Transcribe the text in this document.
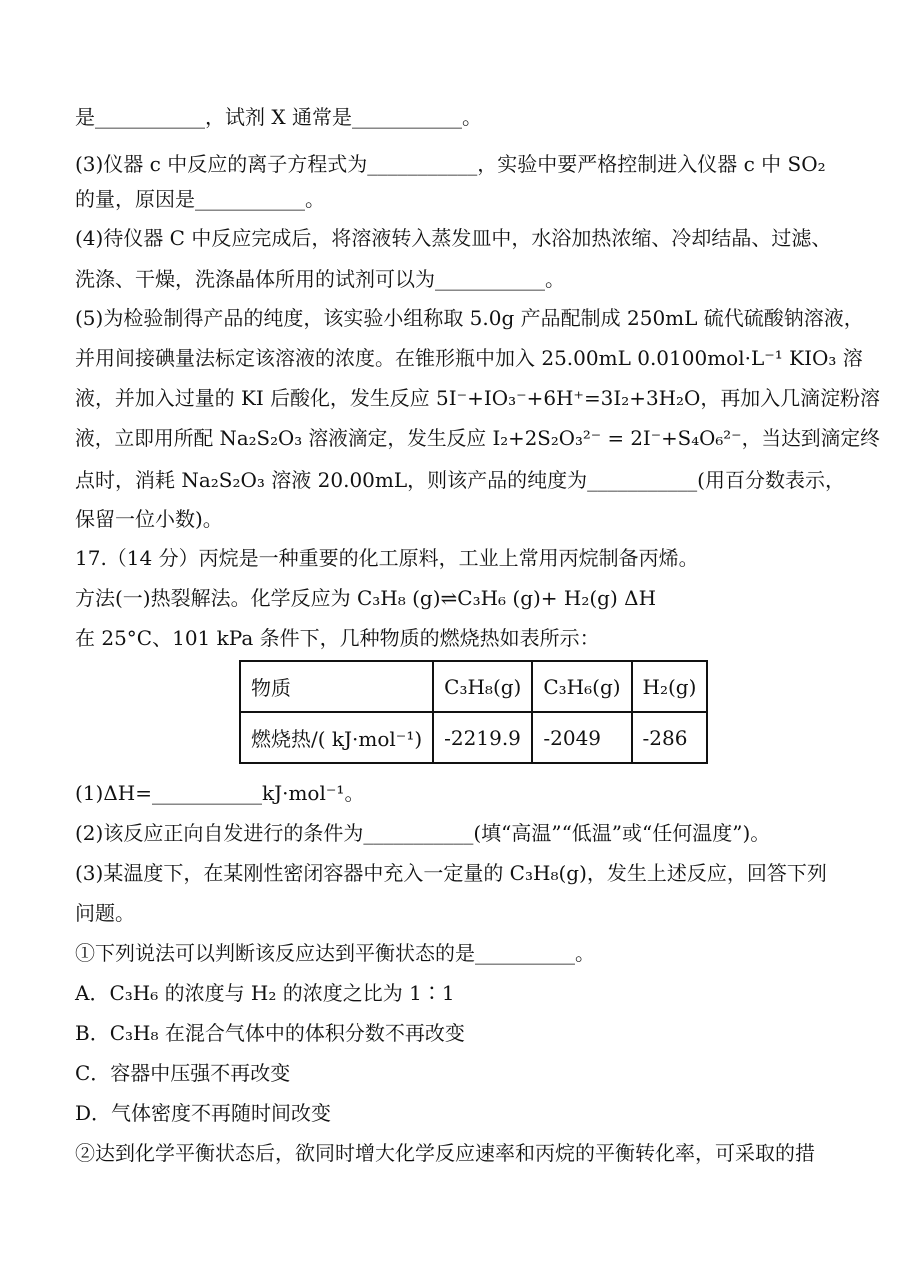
是___________，试剂 X 通常是___________。
(3)仪器 c 中反应的离子方程式为___________，实验中要严格控制进入仪器 c 中 SO₂
的量，原因是___________。
(4)待仪器 C 中反应完成后，将溶液转入蒸发皿中，水浴加热浓缩、冷却结晶、过滤、
洗涤、干燥，洗涤晶体所用的试剂可以为___________。
(5)为检验制得产品的纯度，该实验小组称取 5.0g 产品配制成 250mL 硫代硫酸钠溶液，
并用间接碘量法标定该溶液的浓度。在锥形瓶中加入 25.00mL 0.0100mol·L⁻¹ KIO₃ 溶
液，并加入过量的 KI 后酸化，发生反应 5I⁻+IO₃⁻+6H⁺=3I₂+3H₂O，再加入几滴淀粉溶
液，立即用所配 Na₂S₂O₃ 溶液滴定，发生反应 I₂+2S₂O₃²⁻ = 2I⁻+S₄O₆²⁻，当达到滴定终
点时，消耗 Na₂S₂O₃ 溶液 20.00mL，则该产品的纯度为___________(用百分数表示，
保留一位小数)。
17.（14 分）丙烷是一种重要的化工原料，工业上常用丙烷制备丙烯。
方法(一)热裂解法。化学反应为 C₃H₈ (g)⇌C₃H₆ (g)+ H₂(g) ΔH
在 25°C、101 kPa 条件下，几种物质的燃烧热如表所示：
物质	C₃H₈(g)	C₃H₆(g)	H₂(g)
燃烧热/( kJ·mol⁻¹)	-2219.9	-2049	-286
(1)ΔH=___________kJ·mol⁻¹。
(2)该反应正向自发进行的条件为___________(填“高温”“低温”或“任何温度”)。
(3)某温度下，在某刚性密闭容器中充入一定量的 C₃H₈(g)，发生上述反应，回答下列
问题。
①下列说法可以判断该反应达到平衡状态的是__________。
A．C₃H₆ 的浓度与 H₂ 的浓度之比为 1∶1
B．C₃H₈ 在混合气体中的体积分数不再改变
C．容器中压强不再改变
D．气体密度不再随时间改变
②达到化学平衡状态后，欲同时增大化学反应速率和丙烷的平衡转化率，可采取的措
